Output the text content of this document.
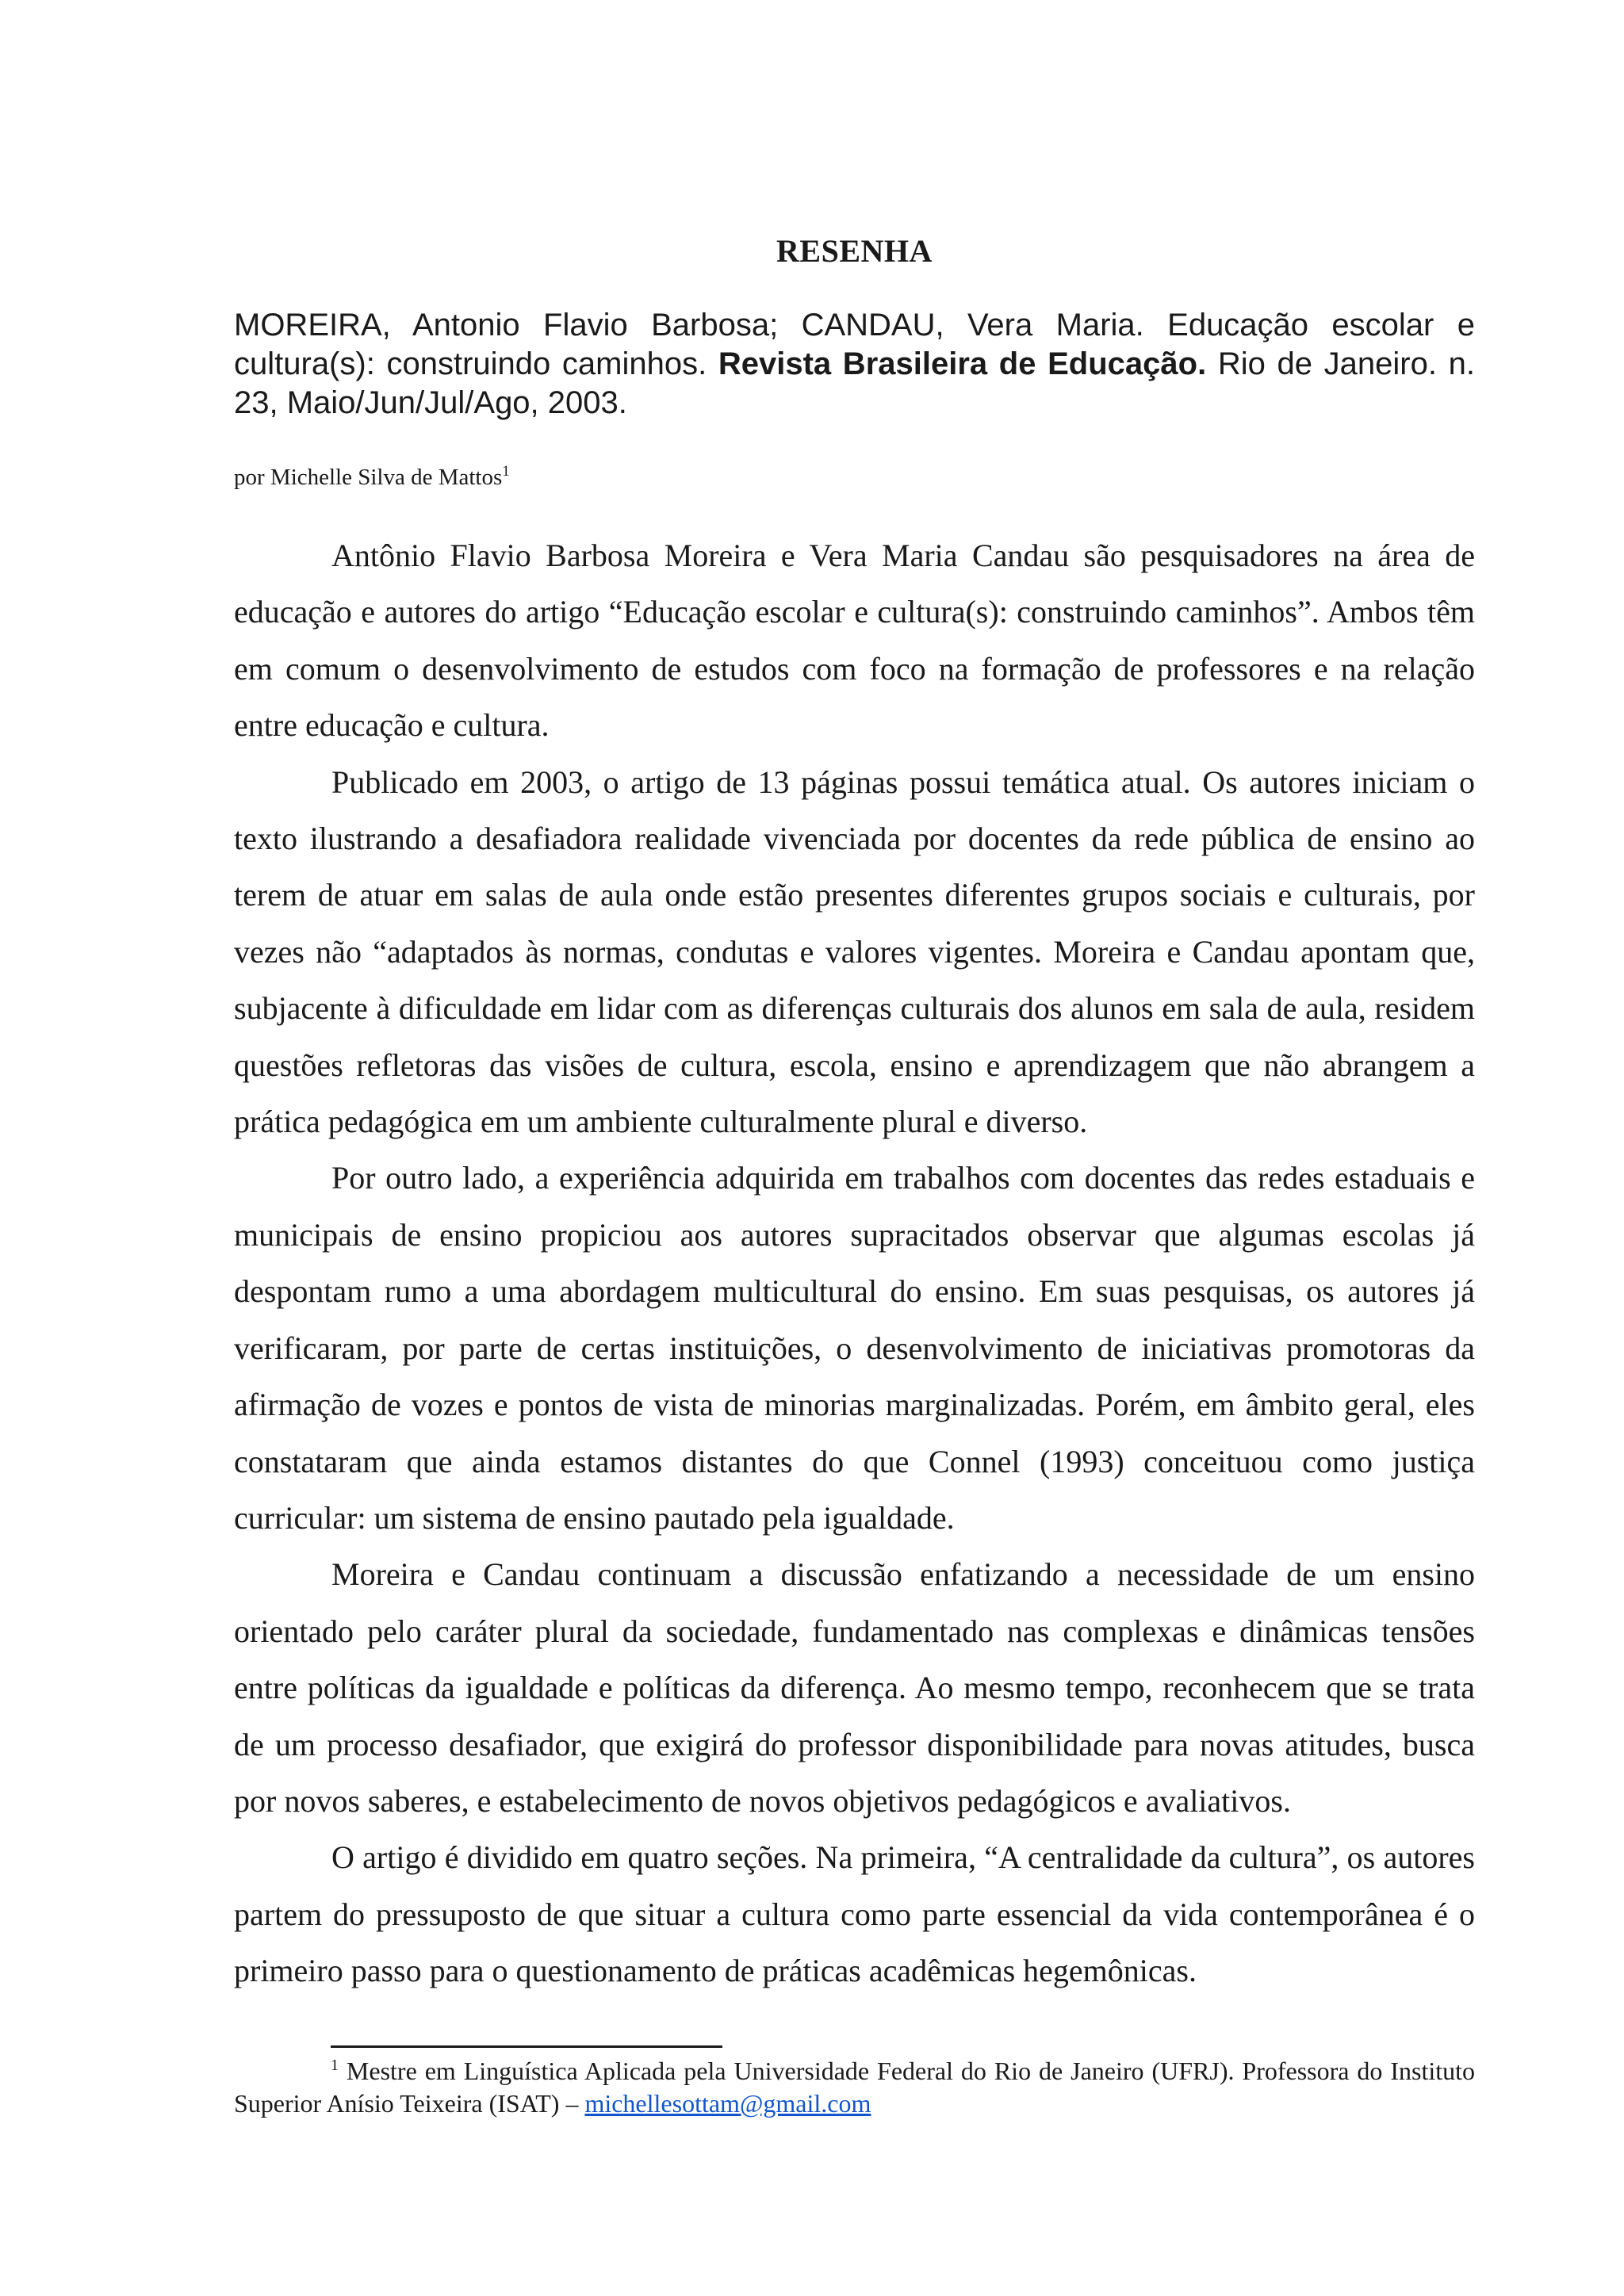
RESENHA
MOREIRA, Antonio Flavio Barbosa; CANDAU, Vera Maria. Educação escolar e cultura(s): construindo caminhos. Revista Brasileira de Educação. Rio de Janeiro. n. 23, Maio/Jun/Jul/Ago, 2003.
por Michelle Silva de Mattos$^1$

Antônio Flavio Barbosa Moreira e Vera Maria Candau são pesquisadores na área de educação e autores do artigo “Educação escolar e cultura(s): construindo caminhos”. Ambos têm em comum o desenvolvimento de estudos com foco na formação de professores e na relação entre educação e cultura.

Publicado em 2003, o artigo de 13 páginas possui temática atual. Os autores iniciam o texto ilustrando a desafiadora realidade vivenciada por docentes da rede pública de ensino ao terem de atuar em salas de aula onde estão presentes diferentes grupos sociais e culturais, por vezes não “adaptados às normas, condutas e valores vigentes. Moreira e Candau apontam que, subjacente à dificuldade em lidar com as diferenças culturais dos alunos em sala de aula, residem questões refletoras das visões de cultura, escola, ensino e aprendizagem que não abrangem a prática pedagógica em um ambiente culturalmente plural e diverso.

Por outro lado, a experiência adquirida em trabalhos com docentes das redes estaduais e municipais de ensino propiciou aos autores supracitados observar que algumas escolas já despontam rumo a uma abordagem multicultural do ensino. Em suas pesquisas, os autores já verificaram, por parte de certas instituições, o desenvolvimento de iniciativas promotoras da afirmação de vozes e pontos de vista de minorias marginalizadas. Porém, em âmbito geral, eles constataram que ainda estamos distantes do que Connel (1993) conceituou como justiça curricular: um sistema de ensino pautado pela igualdade.

Moreira e Candau continuam a discussão enfatizando a necessidade de um ensino orientado pelo caráter plural da sociedade, fundamentado nas complexas e dinâmicas tensões entre políticas da igualdade e políticas da diferença. Ao mesmo tempo, reconhecem que se trata de um processo desafiador, que exigirá do professor disponibilidade para novas atitudes, busca por novos saberes, e estabelecimento de novos objetivos pedagógicos e avaliativos.

O artigo é dividido em quatro seções. Na primeira, “A centralidade da cultura”, os autores partem do pressuposto de que situar a cultura como parte essencial da vida contemporânea é o primeiro passo para o questionamento de práticas acadêmicas hegemônicas.

$^1$ Mestre em Linguística Aplicada pela Universidade Federal do Rio de Janeiro (UFRJ). Professora do Instituto Superior Anísio Teixeira (ISAT) – michellesottam@gmail.com
